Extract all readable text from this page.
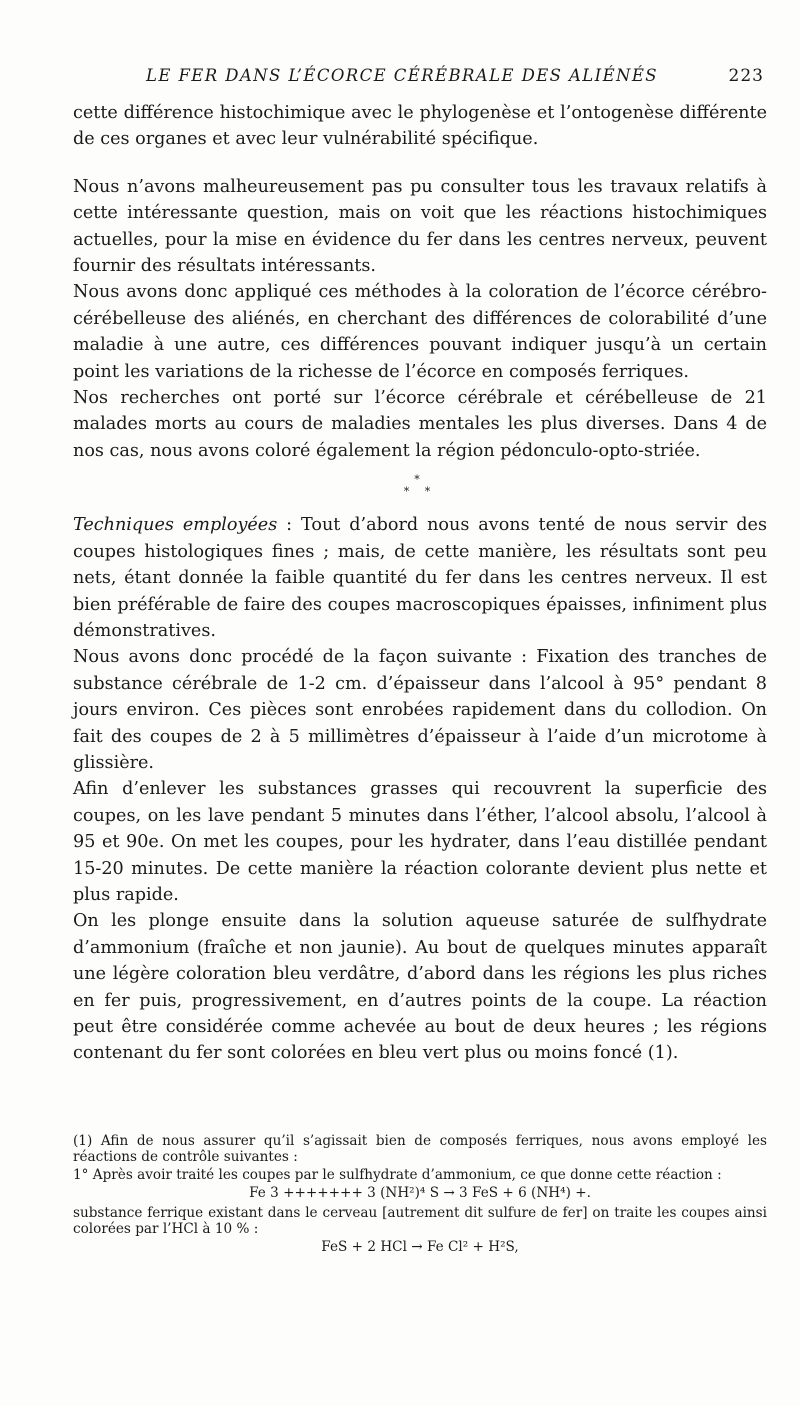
LE FER DANS L’ÉCORCE CÉRÉBRALE DES ALIÉNÉS	223

cette différence histochimique avec le phylogenèse et l’ontogenèse différente de ces organes et avec leur vulnérabilité spécifique.

Nous n’avons malheureusement pas pu consulter tous les travaux relatifs à cette intéressante question, mais on voit que les réactions histochimiques actuelles, pour la mise en évidence du fer dans les centres nerveux, peuvent fournir des résultats intéressants.

Nous avons donc appliqué ces méthodes à la coloration de l’écorce cérébro-cérébelleuse des aliénés, en cherchant des différences de colorabilité d’une maladie à une autre, ces différences pouvant indiquer jusqu’à un certain point les variations de la richesse de l’écorce en composés ferriques.

Nos recherches ont porté sur l’écorce cérébrale et cérébelleuse de 21 malades morts au cours de maladies mentales les plus diverses. Dans 4 de nos cas, nous avons coloré également la région pédonculo-opto-striée.

*
* *

Techniques employées : Tout d’abord nous avons tenté de nous servir des coupes histologiques fines ; mais, de cette manière, les résultats sont peu nets, étant donnée la faible quantité du fer dans les centres nerveux. Il est bien préférable de faire des coupes macroscopiques épaisses, infiniment plus démonstratives.

Nous avons donc procédé de la façon suivante : Fixation des tranches de substance cérébrale de 1-2 cm. d’épaisseur dans l’alcool à 95° pendant 8 jours environ. Ces pièces sont enrobées rapidement dans du collodion. On fait des coupes de 2 à 5 millimètres d’épaisseur à l’aide d’un microtome à glissière.

Afin d’enlever les substances grasses qui recouvrent la superficie des coupes, on les lave pendant 5 minutes dans l’éther, l’alcool absolu, l’alcool à 95 et 90e. On met les coupes, pour les hydrater, dans l’eau distillée pendant 15-20 minutes. De cette manière la réaction colorante devient plus nette et plus rapide.

On les plonge ensuite dans la solution aqueuse saturée de sulfhydrate d’ammonium (fraîche et non jaunie). Au bout de quelques minutes apparaît une légère coloration bleu verdâtre, d’abord dans les régions les plus riches en fer puis, progressivement, en d’autres points de la coupe. La réaction peut être considérée comme achevée au bout de deux heures ; les régions contenant du fer sont colorées en bleu vert plus ou moins foncé (1).

(1) Afin de nous assurer qu’il s’agissait bien de composés ferriques, nous avons employé les réactions de contrôle suivantes :

1° Après avoir traité les coupes par le sulfhydrate d’ammonium, ce que donne cette réaction :

Fe 3 +++++++ 3 (NH²)⁴ S → 3 FeS + 6 (NH⁴) +.

substance ferrique existant dans le cerveau [autrement dit sulfure de fer] on traite les coupes ainsi colorées par l’HCl à 10 % :

FeS + 2 HCl → Fe Cl² + H²S,
